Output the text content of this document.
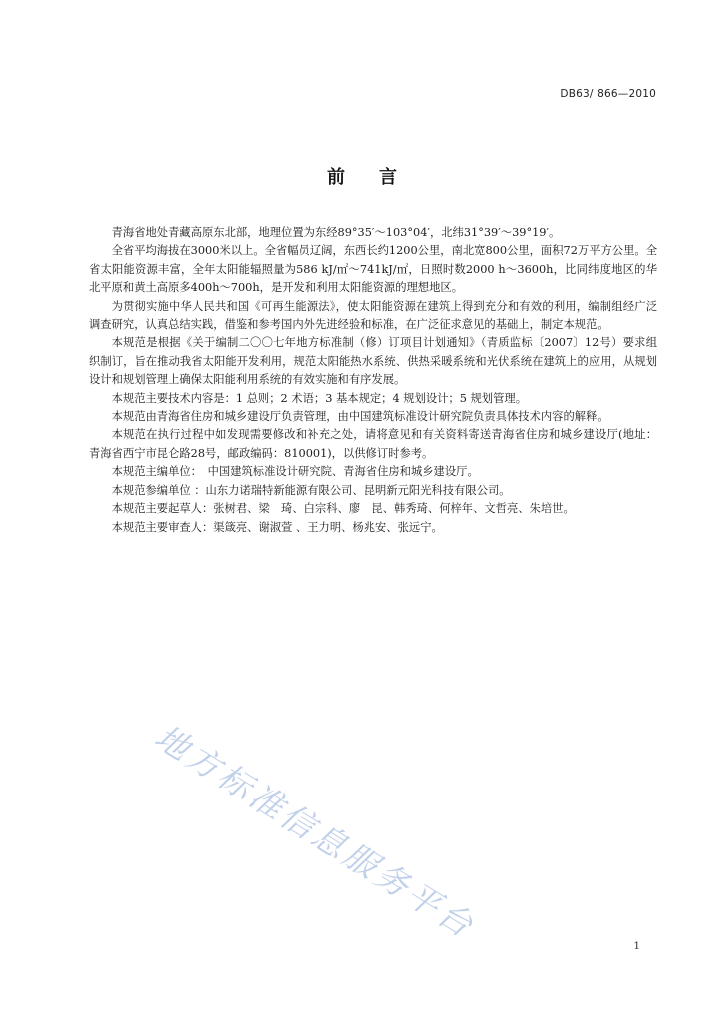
DB63/ 866—2010
前言

青海省地处青藏高原东北部，地理位置为东经89°35′～103°04′，北纬31°39′～39°19′。

全省平均海拔在3000米以上。全省幅员辽阔，东西长约1200公里，南北宽800公里，面积72万平方公里。全省太阳能资源丰富，全年太阳能辐照量为586 kJ/㎡～741kJ/㎡，日照时数2000 h～3600h，比同纬度地区的华北平原和黄土高原多400h～700h，是开发和利用太阳能资源的理想地区。

为贯彻实施中华人民共和国《可再生能源法》，使太阳能资源在建筑上得到充分和有效的利用，编制组经广泛调查研究，认真总结实践，借鉴和参考国内外先进经验和标准，在广泛征求意见的基础上，制定本规范。

本规范是根据《关于编制二〇〇七年地方标准制（修）订项目计划通知》（青质监标〔2007〕12号）要求组织制订，旨在推动我省太阳能开发利用，规范太阳能热水系统、供热采暖系统和光伏系统在建筑上的应用，从规划设计和规划管理上确保太阳能利用系统的有效实施和有序发展。

本规范主要技术内容是：1 总则；2 术语；3 基本规定；4 规划设计；5 规划管理。

本规范由青海省住房和城乡建设厅负责管理，由中国建筑标准设计研究院负责具体技术内容的解释。

本规范在执行过程中如发现需要修改和补充之处，请将意见和有关资料寄送青海省住房和城乡建设厅(地址：青海省西宁市昆仑路28号，邮政编码：810001)，以供修订时参考。

本规范主编单位：　中国建筑标准设计研究院、青海省住房和城乡建设厅。

本规范参编单位 ：山东力诺瑞特新能源有限公司、昆明新元阳光科技有限公司。

本规范主要起草人：张树君、梁　琦、白宗科、廖　昆、韩秀琦、何梓年、文哲亮、朱培世。

本规范主要审查人：渠箴亮、谢淑萱 、王力明、杨兆安、张远宁。

地方标准信息服务平台	1
